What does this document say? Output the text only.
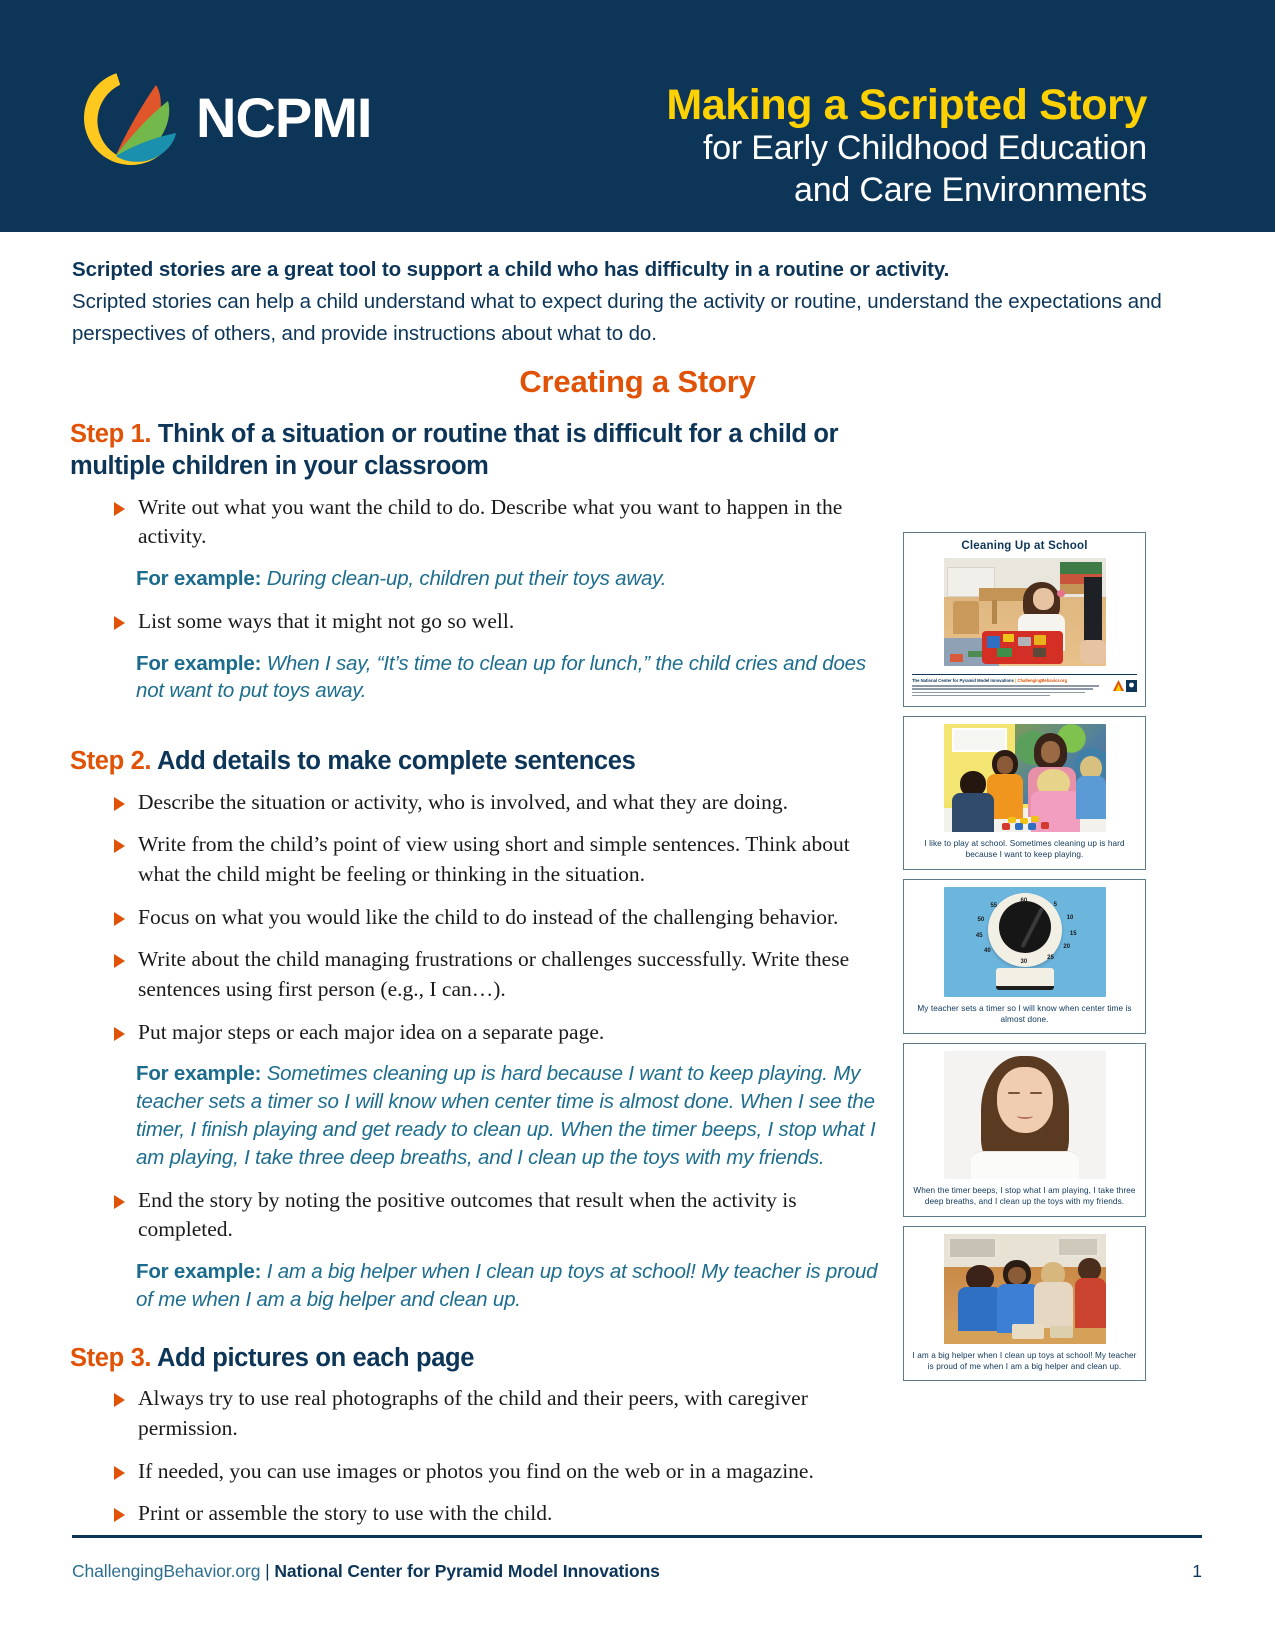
NCPMI	Making a Scripted Story
for Early Childhood Education
and Care Environments
Scripted stories are a great tool to support a child who has difficulty in a routine or activity.
Scripted stories can help a child understand what to expect during the activity or routine, understand the expectations and perspectives of others, and provide instructions about what to do.
Creating a Story
Step 1. Think of a situation or routine that is difficult for a child or multiple children in your classroom
Write out what you want the child to do. Describe what you want to happen in the activity.
For example: During clean-up, children put their toys away.
List some ways that it might not go so well.
For example: When I say, “It’s time to clean up for lunch,” the child cries and does not want to put toys away.
Step 2. Add details to make complete sentences
Describe the situation or activity, who is involved, and what they are doing.
Write from the child’s point of view using short and simple sentences. Think about what the child might be feeling or thinking in the situation.
Focus on what you would like the child to do instead of the challenging behavior.
Write about the child managing frustrations or challenges successfully. Write these sentences using first person (e.g., I can…).
Put major steps or each major idea on a separate page.
For example: Sometimes cleaning up is hard because I want to keep playing. My teacher sets a timer so I will know when center time is almost done. When I see the timer, I finish playing and get ready to clean up. When the timer beeps, I stop what I am playing, I take three deep breaths, and I clean up the toys with my friends.
End the story by noting the positive outcomes that result when the activity is completed.
For example: I am a big helper when I clean up toys at school! My teacher is proud of me when I am a big helper and clean up.
Step 3. Add pictures on each page
Always try to use real photographs of the child and their peers, with caregiver permission.
If needed, you can use images or photos you find on the web or in a magazine.
Print or assemble the story to use with the child.
Cleaning Up at School
The National Center for Pyramid Model Innovations | ChallengingBehavior.org
I like to play at school. Sometimes cleaning up is hard because I want to keep playing.
60
5
10
15
20
25
30
40
45
50
55
My teacher sets a timer so I will know when center time is almost done.
When the timer beeps, I stop what I am playing, I take three deep breaths, and I clean up the toys with my friends.
I am a big helper when I clean up toys at school! My teacher is proud of me when I am a big helper and clean up.
ChallengingBehavior.org | National Center for Pyramid Model Innovations	1
